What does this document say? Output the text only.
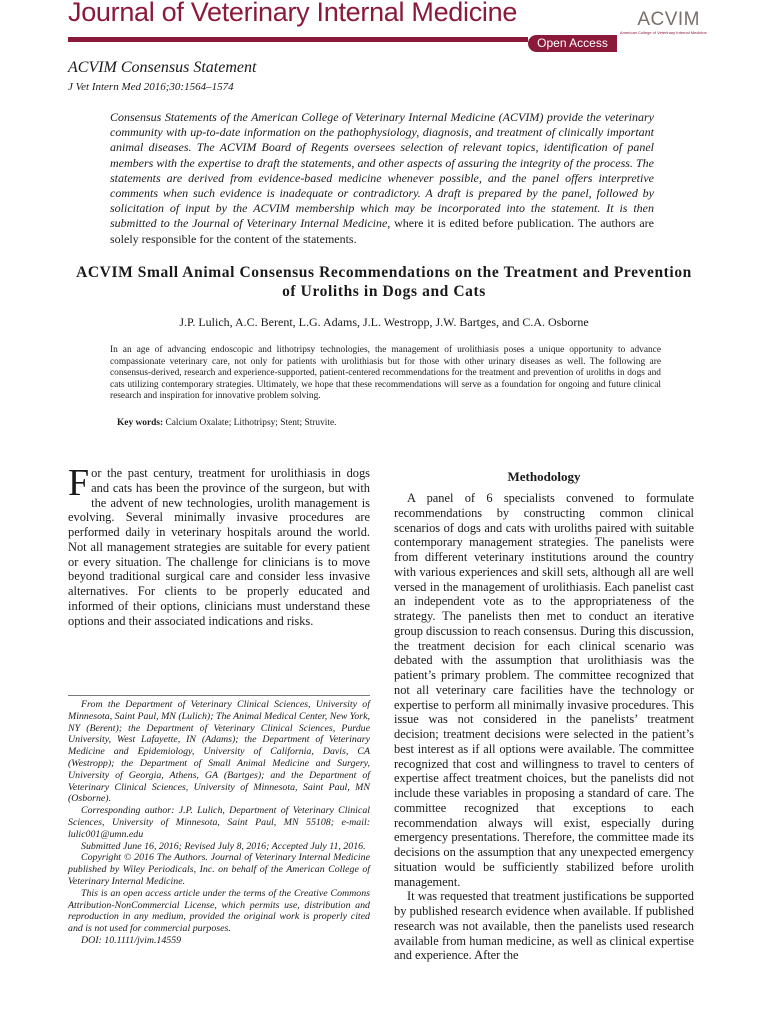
Journal of Veterinary Internal Medicine
Open Access
ACVIM
American College of Veterinary Internal Medicine
ACVIM Consensus Statement
J Vet Intern Med 2016;30:1564–1574

Consensus Statements of the American College of Veterinary Internal Medicine (ACVIM) provide the veterinary community with up-to-date information on the pathophysiology, diagnosis, and treatment of clinically important animal diseases. The ACVIM Board of Regents oversees selection of relevant topics, identification of panel members with the expertise to draft the statements, and other aspects of assuring the integrity of the process. The statements are derived from evidence-based medicine whenever possible, and the panel offers interpretive comments when such evidence is inadequate or contradictory. A draft is prepared by the panel, followed by solicitation of input by the ACVIM membership which may be incorporated into the statement. It is then submitted to the Journal of Veterinary Internal Medicine, where it is edited before publication. The authors are solely responsible for the content of the statements.

ACVIM Small Animal Consensus Recommendations on the Treatment and Prevention of Uroliths in Dogs and Cats

J.P. Lulich, A.C. Berent, L.G. Adams, J.L. Westropp, J.W. Bartges, and C.A. Osborne

In an age of advancing endoscopic and lithotripsy technologies, the management of urolithiasis poses a unique opportunity to advance compassionate veterinary care, not only for patients with urolithiasis but for those with other urinary diseases as well. The following are consensus-derived, research and experience-supported, patient-centered recommendations for the treatment and prevention of uroliths in dogs and cats utilizing contemporary strategies. Ultimately, we hope that these recommendations will serve as a foundation for ongoing and future clinical research and inspiration for innovative problem solving.

Key words: Calcium Oxalate; Lithotripsy; Stent; Struvite.

For the past century, treatment for urolithiasis in dogs and cats has been the province of the surgeon, but with the advent of new technologies, urolith management is evolving. Several minimally invasive procedures are performed daily in veterinary hospitals around the world. Not all management strategies are suitable for every patient or every situation. The challenge for clinicians is to move beyond traditional surgical care and consider less invasive alternatives. For clients to be properly educated and informed of their options, clinicians must understand these options and their associated indications and risks.

Methodology

A panel of 6 specialists convened to formulate recommendations by constructing common clinical scenarios of dogs and cats with uroliths paired with suitable contemporary management strategies. The panelists were from different veterinary institutions around the country with various experiences and skill sets, although all are well versed in the management of urolithiasis. Each panelist cast an independent vote as to the appropriateness of the strategy. The panelists then met to conduct an iterative group discussion to reach consensus. During this discussion, the treatment decision for each clinical scenario was debated with the assumption that urolithiasis was the patient’s primary problem. The committee recognized that not all veterinary care facilities have the technology or expertise to perform all minimally invasive procedures. This issue was not considered in the panelists’ treatment decision; treatment decisions were selected in the patient’s best interest as if all options were available. The committee recognized that cost and willingness to travel to centers of expertise affect treatment choices, but the panelists did not include these variables in proposing a standard of care. The committee recognized that exceptions to each recommendation always will exist, especially during emergency presentations. Therefore, the committee made its decisions on the assumption that any unexpected emergency situation would be sufficiently stabilized before urolith management.

It was requested that treatment justifications be supported by published research evidence when available. If published research was not available, then the panelists used research available from human medicine, as well as clinical expertise and experience. After the

From the Department of Veterinary Clinical Sciences, University of Minnesota, Saint Paul, MN (Lulich); The Animal Medical Center, New York, NY (Berent); the Department of Veterinary Clinical Sciences, Purdue University, West Lafayette, IN (Adams); the Department of Veterinary Medicine and Epidemiology, University of California, Davis, CA (Westropp); the Department of Small Animal Medicine and Surgery, University of Georgia, Athens, GA (Bartges); and the Department of Veterinary Clinical Sciences, University of Minnesota, Saint Paul, MN (Osborne).

Corresponding author: J.P. Lulich, Department of Veterinary Clinical Sciences, University of Minnesota, Saint Paul, MN 55108; e-mail: lulic001@umn.edu

Submitted June 16, 2016; Revised July 8, 2016; Accepted July 11, 2016.

Copyright © 2016 The Authors. Journal of Veterinary Internal Medicine published by Wiley Periodicals, Inc. on behalf of the American College of Veterinary Internal Medicine.

This is an open access article under the terms of the Creative Commons Attribution-NonCommercial License, which permits use, distribution and reproduction in any medium, provided the original work is properly cited and is not used for commercial purposes.

DOI: 10.1111/jvim.14559
